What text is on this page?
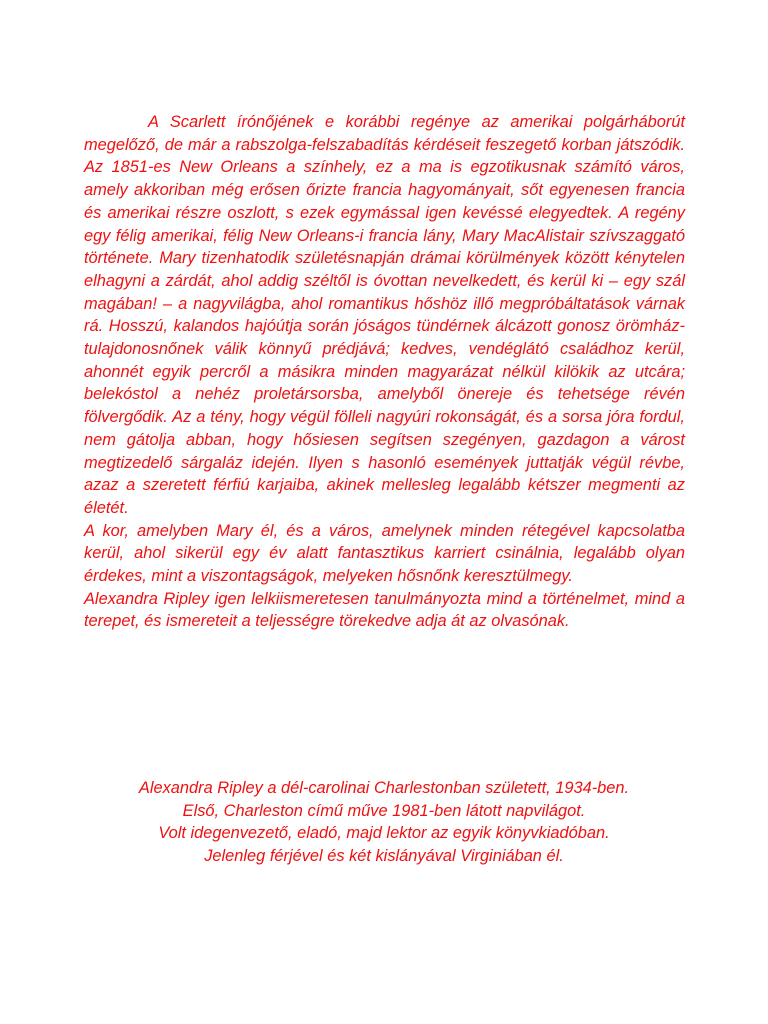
A Scarlett írónőjének e korábbi regénye az amerikai polgárháborút megelőző, de már a rabszolga-felszabadítás kérdéseit feszegető korban játszódik. Az 1851-es New Orleans a színhely, ez a ma is egzotikusnak számító város, amely akkoriban még erősen őrizte francia hagyományait, sőt egyenesen francia és amerikai részre oszlott, s ezek egymással igen kevéssé elegyedtek. A regény egy félig amerikai, félig New Orleans-i francia lány, Mary MacAlistair szívszaggató története. Mary tizenhatodik születésnapján drámai körülmények között kénytelen elhagyni a zárdát, ahol addig széltől is óvottan nevelkedett, és kerül ki – egy szál magában! – a nagyvilágba, ahol romantikus hőshöz illő megpróbáltatások várnak rá. Hosszú, kalandos hajóútja során jóságos tündérnek álcázott gonosz örömház-tulajdonosnőnek válik könnyű prédjává; kedves, vendéglátó családhoz kerül, ahonnét egyik percről a másikra minden magyarázat nélkül kilökik az utcára; belekóstol a nehéz proletársorsba, amelyből önereje és tehetsége révén fölvergődik. Az a tény, hogy végül fölleli nagyúri rokonságát, és a sorsa jóra fordul, nem gátolja abban, hogy hősiesen segítsen szegényen, gazdagon a várost megtizedelő sárgaláz idején. Ilyen s hasonló események juttatják végül révbe, azaz a szeretett férfiú karjaiba, akinek mellesleg legalább kétszer megmenti az életét.

A kor, amelyben Mary él, és a város, amelynek minden rétegével kapcsolatba kerül, ahol sikerül egy év alatt fantasztikus karriert csinálnia, legalább olyan érdekes, mint a viszontagságok, melyeken hősnőnk keresztülmegy.

Alexandra Ripley igen lelkiismeretesen tanulmányozta mind a történelmet, mind a terepet, és ismereteit a teljességre törekedve adja át az olvasónak.

Alexandra Ripley a dél-carolinai Charlestonban született, 1934-ben.
Első, Charleston című műve 1981-ben látott napvilágot.
Volt idegenvezető, eladó, majd lektor az egyik könyvkiadóban.
Jelenleg férjével és két kislányával Virginiában él.
